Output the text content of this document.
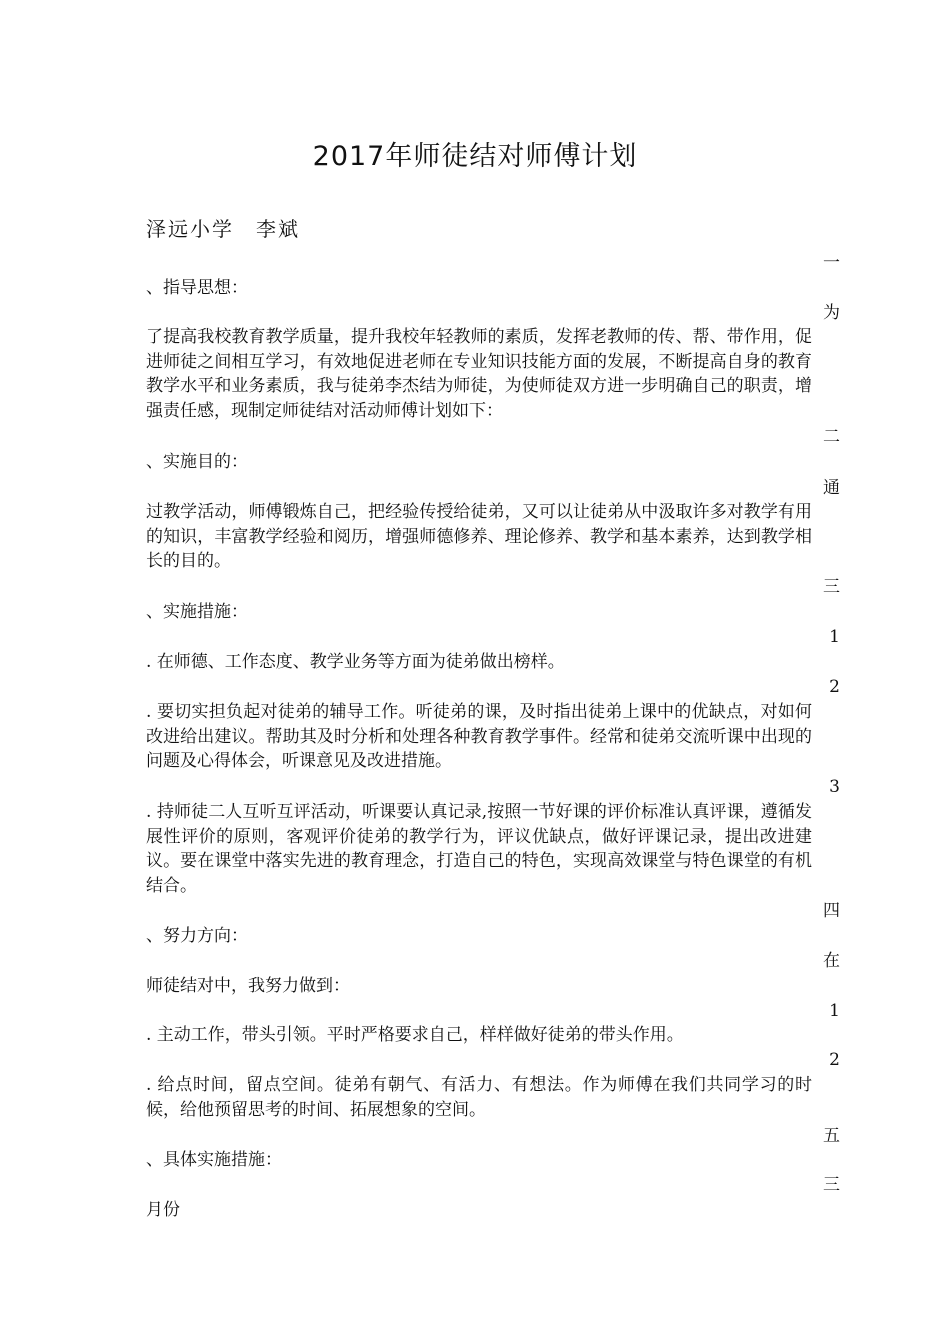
2017年师徒结对师傅计划
泽远小学　李斌
一
为
二
通
三
1
2
3
四
在
1
2
五
三
、指导思想：
了提高我校教育教学质量，提升我校年轻教师的素质，发挥老教师的传、帮、带作用，促进师徒之间相互学习，有效地促进老师在专业知识技能方面的发展，不断提高自身的教育教学水平和业务素质，我与徒弟李杰结为师徒，为使师徒双方进一步明确自己的职责，增强责任感，现制定师徒结对活动师傅计划如下：
、实施目的：
过教学活动，师傅锻炼自己，把经验传授给徒弟，又可以让徒弟从中汲取许多对教学有用的知识，丰富教学经验和阅历，增强师德修养、理论修养、教学和基本素养，达到教学相长的目的。
、实施措施：
. 在师德、工作态度、教学业务等方面为徒弟做出榜样。
. 要切实担负起对徒弟的辅导工作。听徒弟的课，及时指出徒弟上课中的优缺点，对如何改进给出建议。帮助其及时分析和处理各种教育教学事件。经常和徒弟交流听课中出现的问题及心得体会，听课意见及改进措施。
. 持师徒二人互听互评活动，听课要认真记录,按照一节好课的评价标准认真评课，遵循发展性评价的原则，客观评价徒弟的教学行为，评议优缺点，做好评课记录，提出改进建议。要在课堂中落实先进的教育理念，打造自己的特色，实现高效课堂与特色课堂的有机结合。
、努力方向：
师徒结对中，我努力做到：
. 主动工作，带头引领。平时严格要求自己，样样做好徒弟的带头作用。
. 给点时间，留点空间。徒弟有朝气、有活力、有想法。作为师傅在我们共同学习的时候，给他预留思考的时间、拓展想象的空间。
、具体实施措施：
月份
